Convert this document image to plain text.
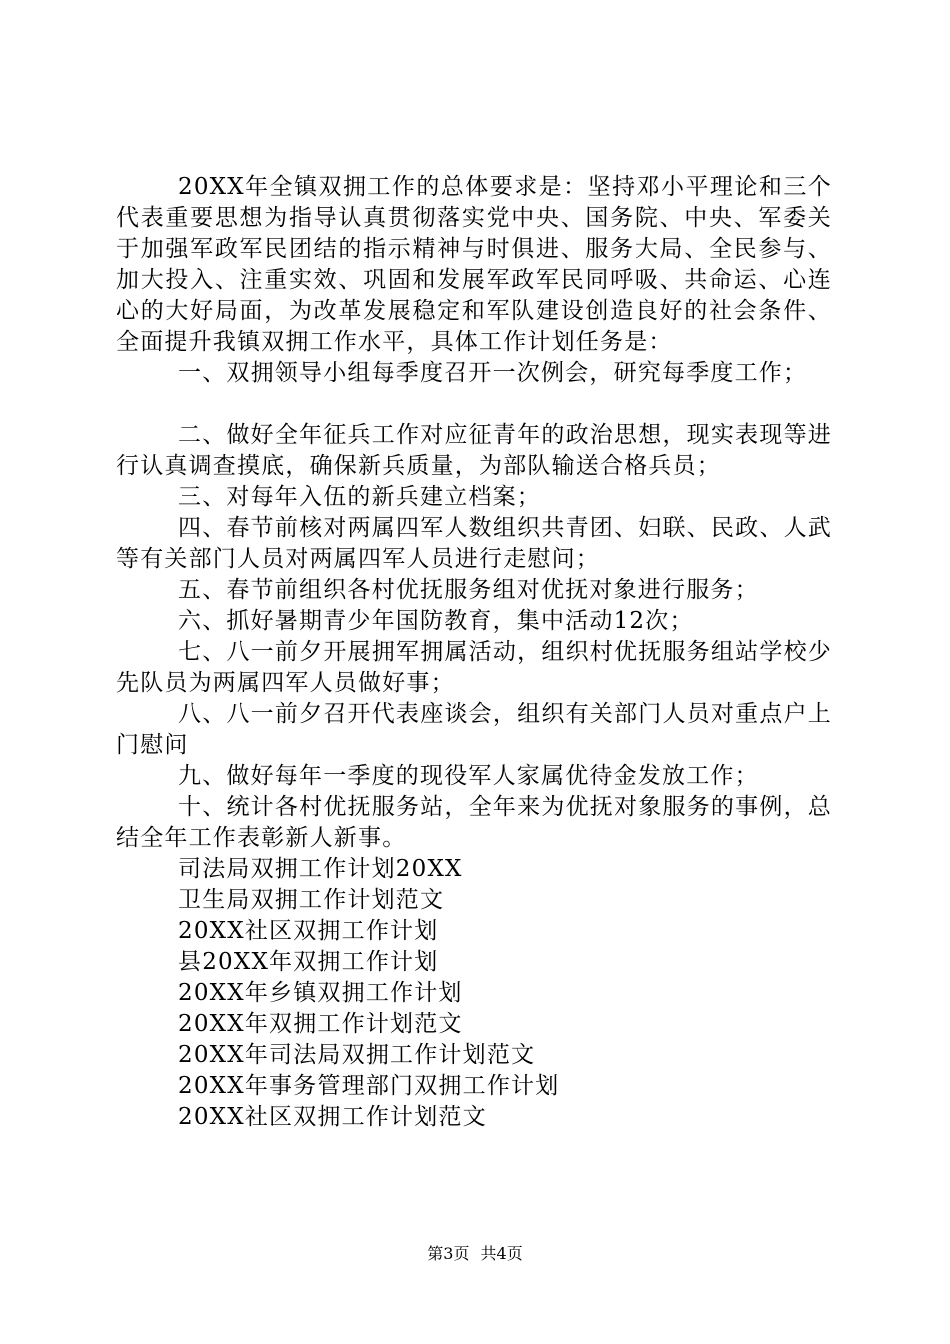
20XX年全镇双拥工作的总体要求是：坚持邓小平理论和三个代表重要思想为指导认真贯彻落实党中央、国务院、中央、军委关于加强军政军民团结的指示精神与时俱进、服务大局、全民参与、加大投入、注重实效、巩固和发展军政军民同呼吸、共命运、心连心的大好局面，为改革发展稳定和军队建设创造良好的社会条件、全面提升我镇双拥工作水平，具体工作计划任务是：

一、双拥领导小组每季度召开一次例会，研究每季度工作；

二、做好全年征兵工作对应征青年的政治思想，现实表现等进行认真调查摸底，确保新兵质量，为部队输送合格兵员；

三、对每年入伍的新兵建立档案；

四、春节前核对两属四军人数组织共青团、妇联、民政、人武等有关部门人员对两属四军人员进行走慰问；

五、春节前组织各村优抚服务组对优抚对象进行服务；

六、抓好暑期青少年国防教育，集中活动12次；

七、八一前夕开展拥军拥属活动，组织村优抚服务组站学校少先队员为两属四军人员做好事；

八、八一前夕召开代表座谈会，组织有关部门人员对重点户上门慰问

九、做好每年一季度的现役军人家属优待金发放工作；

十、统计各村优抚服务站，全年来为优抚对象服务的事例，总结全年工作表彰新人新事。

司法局双拥工作计划20XX
卫生局双拥工作计划范文
20XX社区双拥工作计划
县20XX年双拥工作计划
20XX年乡镇双拥工作计划
20XX年双拥工作计划范文
20XX年司法局双拥工作计划范文
20XX年事务管理部门双拥工作计划
20XX社区双拥工作计划范文
第3页 共4页
